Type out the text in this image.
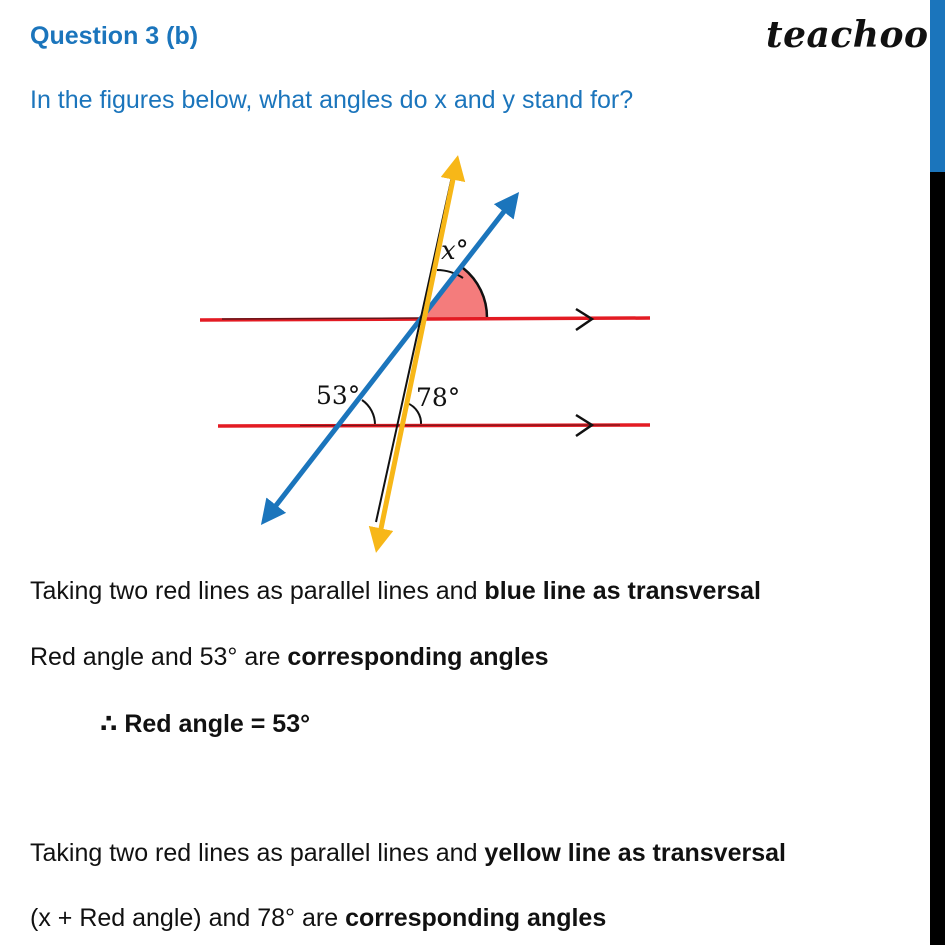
Question 3 (b)	teachoo
In the figures below, what angles do x and y stand for?
x°
53° 78°
Taking two red lines as parallel lines and blue line as transversal
Red angle and 53° are corresponding angles
∴ Red angle = 53°
Taking two red lines as parallel lines and yellow line as transversal
(x + Red angle) and 78° are corresponding angles
